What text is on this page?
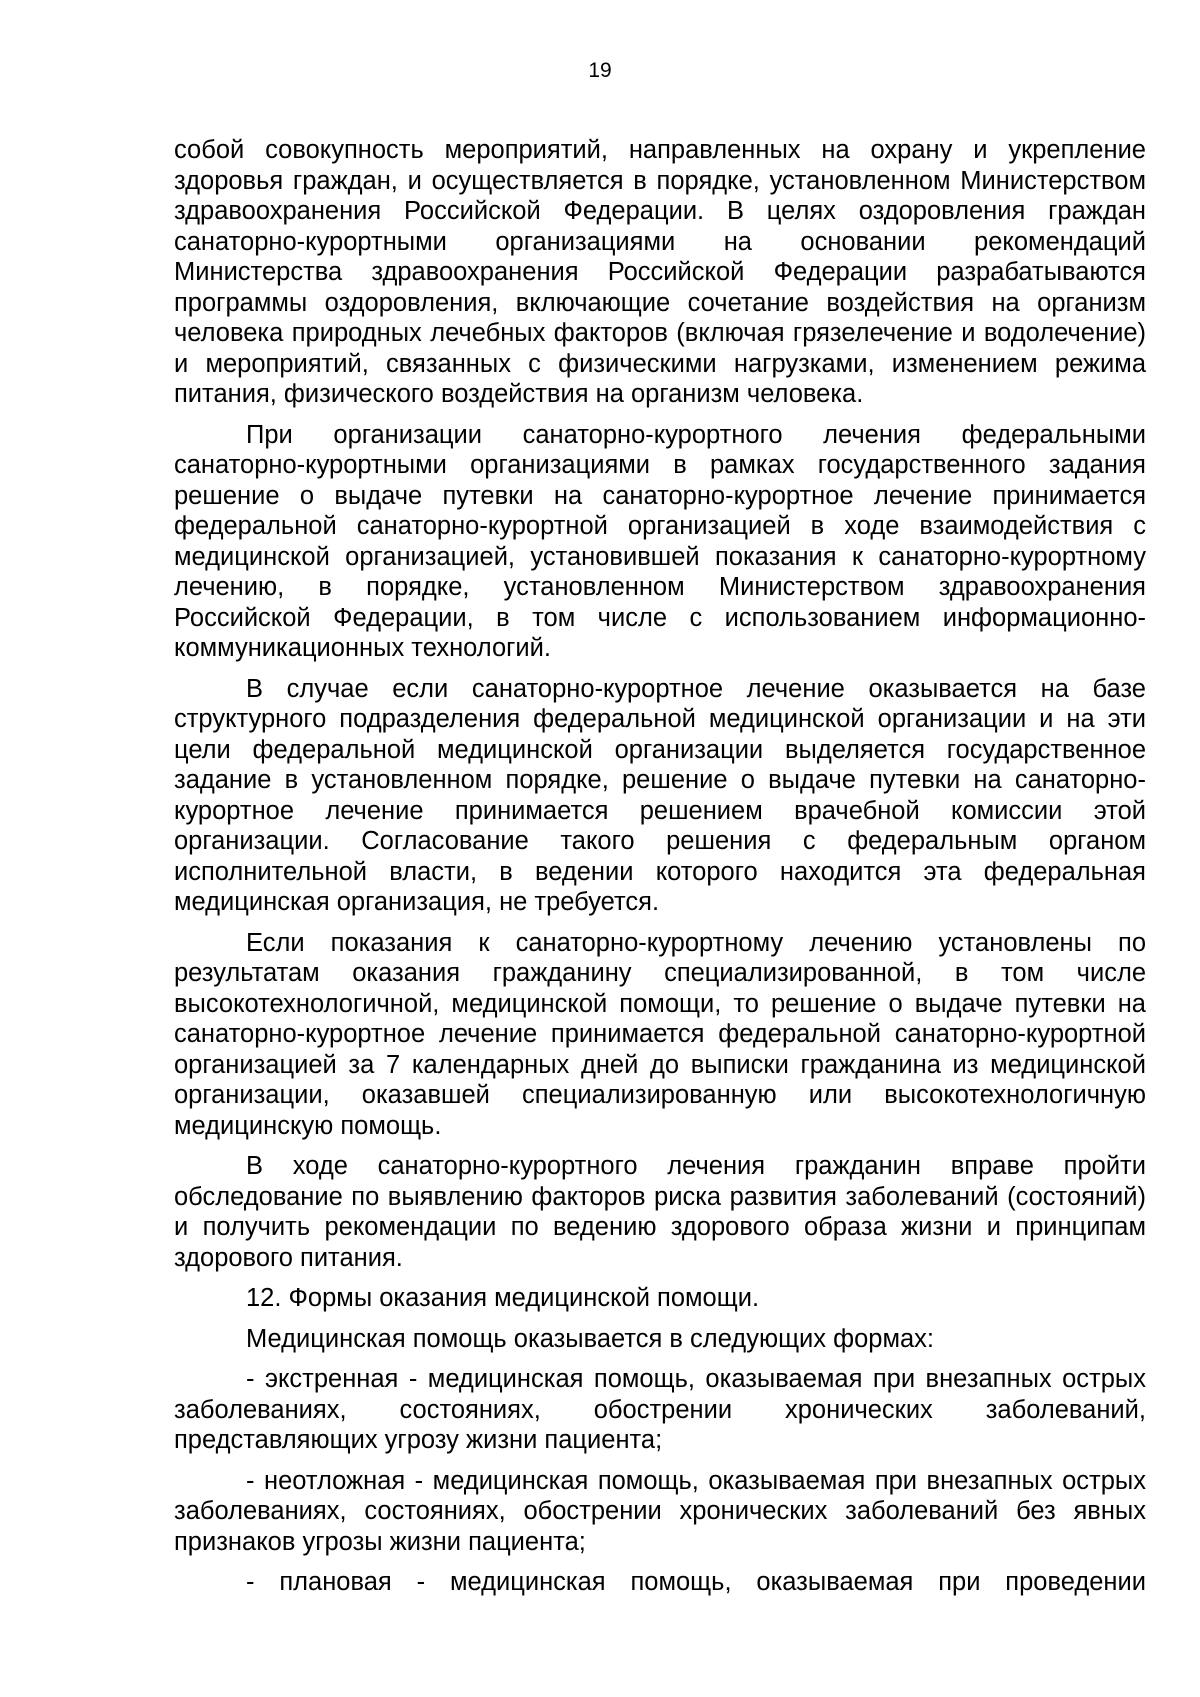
19

собой совокупность мероприятий, направленных на охрану и укрепление здоровья граждан, и осуществляется в порядке, установленном Министерством здравоохранения Российской Федерации. В целях оздоровления граждан санаторно-курортными организациями на основании рекомендаций Министерства здравоохранения Российской Федерации разрабатываются программы оздоровления, включающие сочетание воздействия на организм человека природных лечебных факторов (включая грязелечение и водолечение) и мероприятий, связанных с физическими нагрузками, изменением режима питания, физического воздействия на организм человека.

При организации санаторно-курортного лечения федеральными санаторно-курортными организациями в рамках государственного задания решение о выдаче путевки на санаторно-курортное лечение принимается федеральной санаторно-курортной организацией в ходе взаимодействия с медицинской организацией, установившей показания к санаторно-курортному лечению, в порядке, установленном Министерством здравоохранения Российской Федерации, в том числе с использованием информационно-коммуникационных технологий.

В случае если санаторно-курортное лечение оказывается на базе структурного подразделения федеральной медицинской организации и на эти цели федеральной медицинской организации выделяется государственное задание в установленном порядке, решение о выдаче путевки на санаторно-курортное лечение принимается решением врачебной комиссии этой организации. Согласование такого решения с федеральным органом исполнительной власти, в ведении которого находится эта федеральная медицинская организация, не требуется.

Если показания к санаторно-курортному лечению установлены по результатам оказания гражданину специализированной, в том числе высокотехнологичной, медицинской помощи, то решение о выдаче путевки на санаторно-курортное лечение принимается федеральной санаторно-курортной организацией за 7 календарных дней до выписки гражданина из медицинской организации, оказавшей специализированную или высокотехнологичную медицинскую помощь.

В ходе санаторно-курортного лечения гражданин вправе пройти обследование по выявлению факторов риска развития заболеваний (состояний) и получить рекомендации по ведению здорового образа жизни и принципам здорового питания.

12. Формы оказания медицинской помощи.

Медицинская помощь оказывается в следующих формах:

- экстренная - медицинская помощь, оказываемая при внезапных острых заболеваниях, состояниях, обострении хронических заболеваний, представляющих угрозу жизни пациента;

- неотложная - медицинская помощь, оказываемая при внезапных острых заболеваниях, состояниях, обострении хронических заболеваний без явных признаков угрозы жизни пациента;

- плановая - медицинская помощь, оказываемая при проведении
